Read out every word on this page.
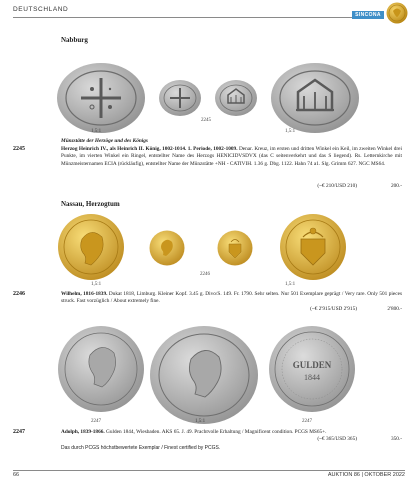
DEUTSCHLAND
SINCONA
Nabburg
1,5:1
2245
1,5:1
Münzstätte der Herzöge und des Königs
2245	Herzog Heinrich IV., als Heinrich II. König, 1002-1014. 1. Periode, 1002-1009. Denar. Kreuz, im ersten und dritten Winkel ein Keil, im zweiten Winkel drei Punkte, im vierten Winkel ein Ringel, entstellter Name des Herzogs HENICIDVSDVX (das C seitenverkehrt und das S liegend). Rs. Letternkirche mit Münzmeisternamen ECIA (rückläufig), entstellter Name der Münzstätte +NH - CATIVIH. 1.36 g. Dbg. 1122. Hahn 74 a1. Slg. Grimm 627. NGC MS64.
(~€ 210/USD 210)	200.-
Nassau, Herzogtum
1,5:1
2246
1,5:1
2246	Wilhelm, 1816-1839. Dukat 1818, Limburg. Kleiner Kopf. 3.45 g. Divo/S. 149. Fr. 1790. Sehr selten. Nur 501 Exemplare geprägt / Very rare. Only 501 pieces struck. Fast vorzüglich / About extremely fine.
(~€ 2'915/USD 2'915)	2'800.-
GULDEN
1844
2247	1,5:1	2247
2247	Adolph, 1839-1866. Gulden 1844, Wiesbaden. AKS 65. J. 49. Prachtvolle Erhaltung / Magnificent condition. PCGS MS65+.
(~€ 365/USD 365)	350.-
Das durch PCGS höchstbewertete Exemplar / Finest certified by PCGS.
66	AUKTION 86 | OKTOBER 2022
